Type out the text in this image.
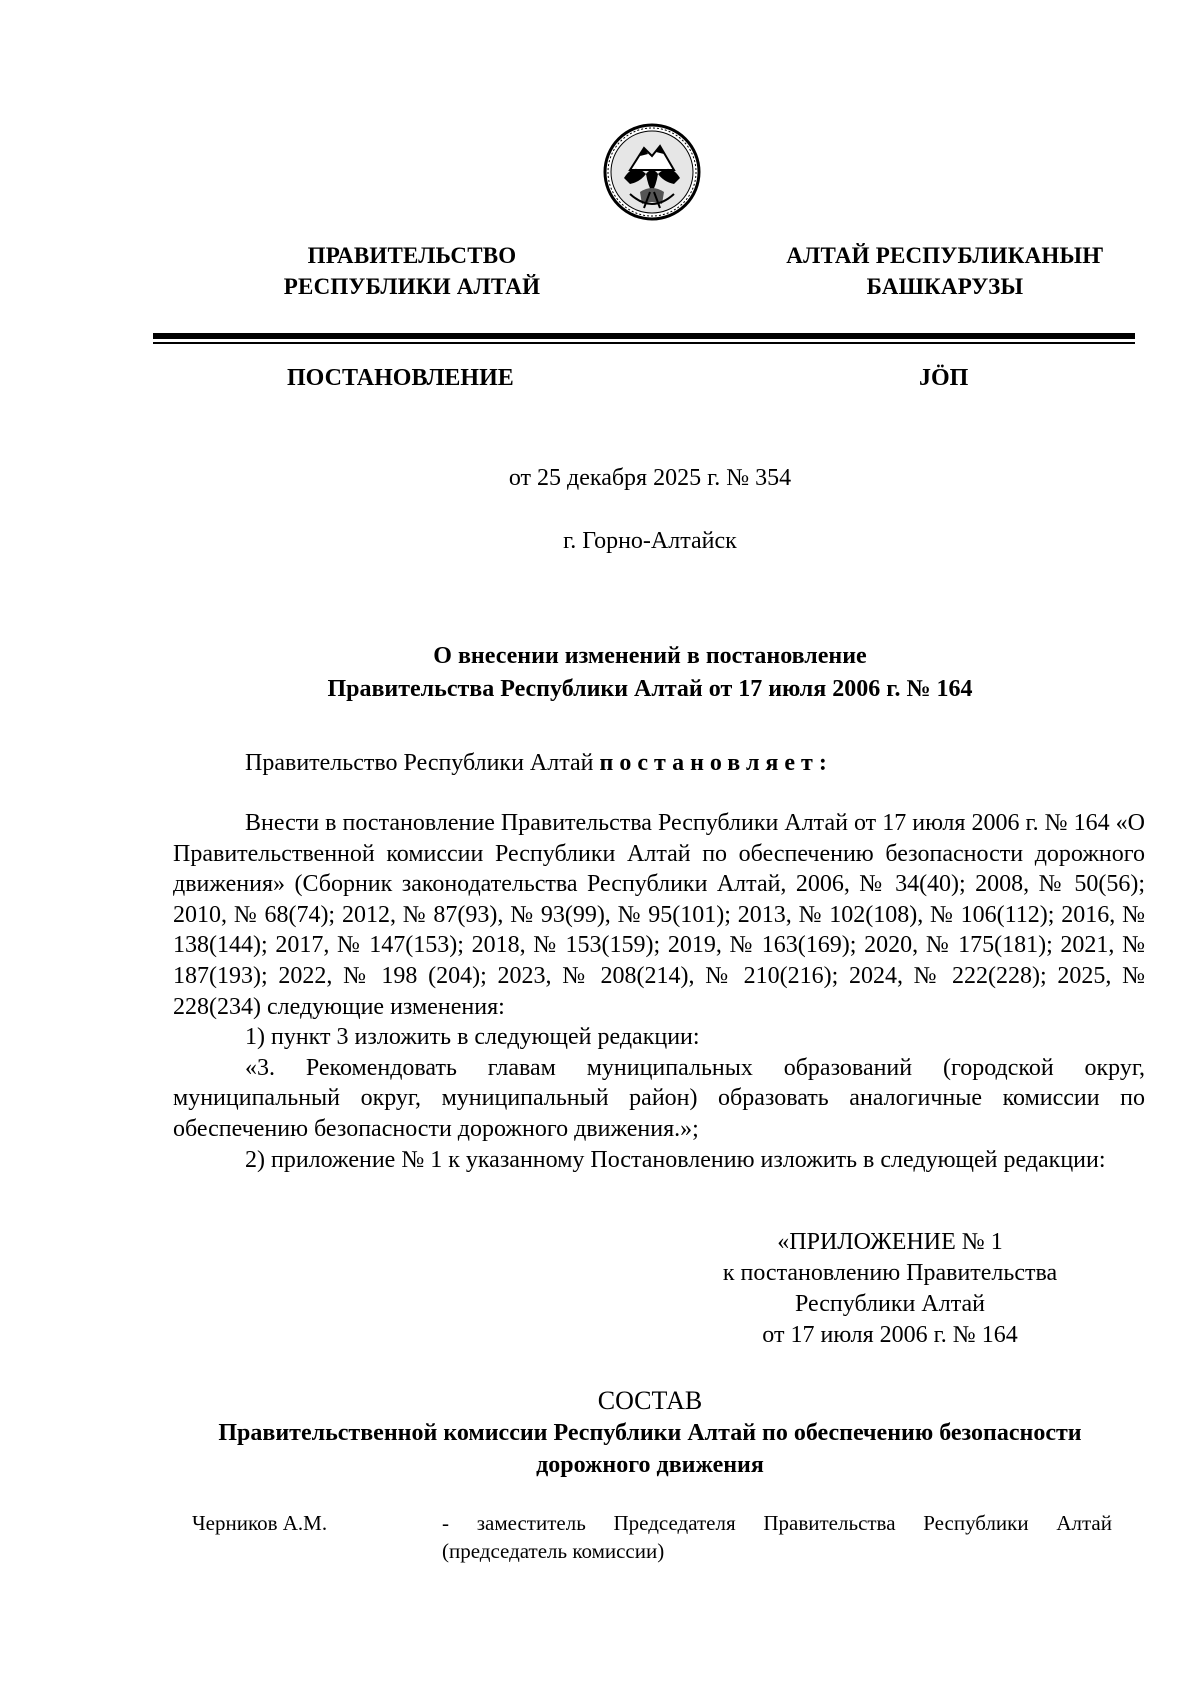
ПРАВИТЕЛЬСТВО
РЕСПУБЛИКИ АЛТАЙ
АЛТАЙ РЕСПУБЛИКАНЫҤ
БАШКАРУЗЫ
ПОСТАНОВЛЕНИЕ	ЈӦП
от 25 декабря 2025 г. № 354
г. Горно-Алтайск
О внесении изменений в постановление
Правительства Республики Алтай от 17 июля 2006 г. № 164
Правительство Республики Алтай постановляет:

Внести в постановление Правительства Республики Алтай от 17 июля 2006 г. № 164 «О Правительственной комиссии Республики Алтай по обеспечению безопасности дорожного движения» (Сборник законодательства Республики Алтай, 2006, № 34(40); 2008, № 50(56); 2010, № 68(74); 2012, № 87(93), № 93(99), № 95(101); 2013, № 102(108), № 106(112); 2016, № 138(144); 2017, № 147(153); 2018, № 153(159); 2019, № 163(169); 2020, № 175(181); 2021, № 187(193); 2022, № 198 (204); 2023, № 208(214), № 210(216); 2024, № 222(228); 2025, № 228(234) следующие изменения:

1) пункт 3 изложить в следующей редакции:

«3. Рекомендовать главам муниципальных образований (городской округ, муниципальный округ, муниципальный район) образовать аналогичные комиссии по обеспечению безопасности дорожного движения.»;

2) приложение № 1 к указанному Постановлению изложить в следующей редакции:

«ПРИЛОЖЕНИЕ № 1
к постановлению Правительства
Республики Алтай
от 17 июля 2006 г. № 164
СОСТАВ
Правительственной комиссии Республики Алтай по обеспечению безопасности
дорожного движения
Черников А.М.	- заместитель Председателя Правительства Республики Алтай
(председатель комиссии)
